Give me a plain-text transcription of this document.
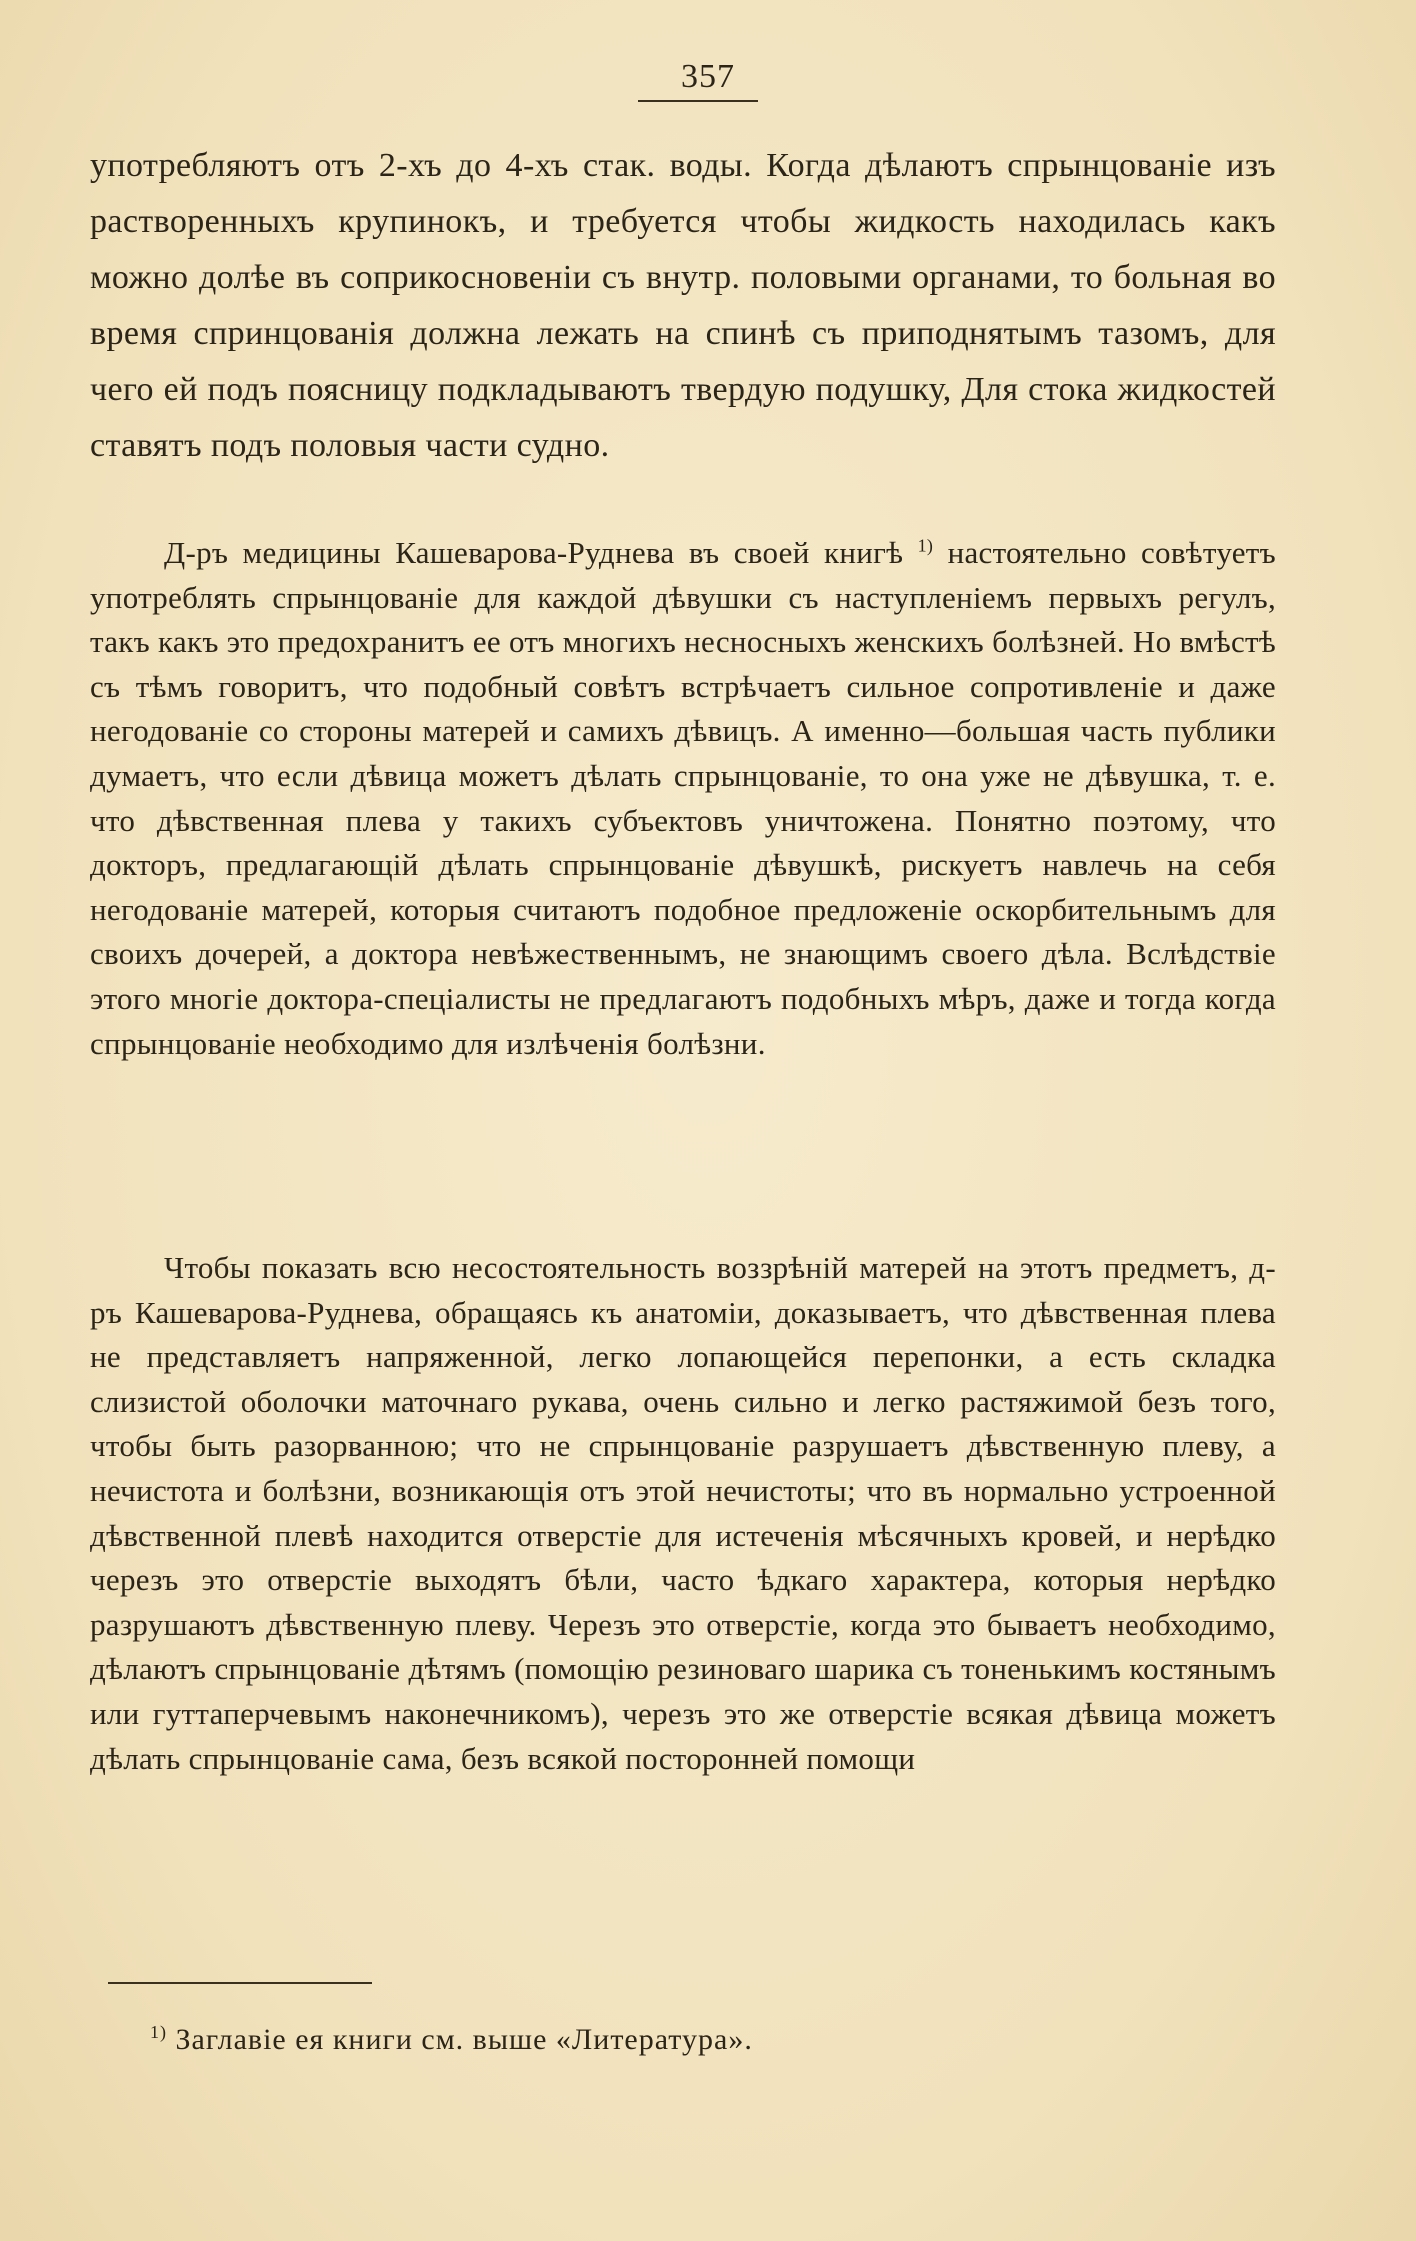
357

употребляютъ отъ 2-хъ до 4-хъ стак. воды. Когда дѣлаютъ спрынцованіе изъ растворенныхъ крупинокъ, и требуется чтобы жидкость находилась какъ можно долѣе въ соприкосновеніи съ внутр. половыми органами, то больная во время спринцованія должна лежать на спинѣ съ приподнятымъ тазомъ, для чего ей подъ поясницу подкладываютъ твердую подушку, Для стока жидкостей ставятъ подъ половыя части судно.

Д-ръ медицины Кашеварова-Руднева въ своей книгѣ $^{1)}$ настоятельно совѣтуетъ употреблять спрынцованіе для каждой дѣвушки съ наступленіемъ первыхъ регулъ, такъ какъ это предохранитъ ее отъ многихъ несносныхъ женскихъ болѣзней. Но вмѣстѣ съ тѣмъ говоритъ, что подобный совѣтъ встрѣчаетъ сильное сопротивленіе и даже негодованіе со стороны матерей и самихъ дѣвицъ. А именно—большая часть публики думаетъ, что если дѣвица можетъ дѣлать спрынцованіе, то она уже не дѣвушка, т. е. что дѣвственная плева у такихъ субъектовъ уничтожена. Понятно поэтому, что докторъ, предлагающій дѣлать спрынцованіе дѣвушкѣ, рискуетъ навлечь на себя негодованіе матерей, которыя считаютъ подобное предложеніе оскорбительнымъ для своихъ дочерей, а доктора невѣжественнымъ, не знающимъ своего дѣла. Вслѣдствіе этого многіе доктора-спеціалисты не предлагаютъ подобныхъ мѣръ, даже и тогда когда спрынцованіе необходимо для излѣченія болѣзни.

Чтобы показать всю несостоятельность воззрѣній матерей на этотъ предметъ, д-ръ Кашеварова-Руднева, обращаясь къ анатоміи, доказываетъ, что дѣвственная плева не представляетъ напряженной, легко лопающейся перепонки, а есть складка слизистой оболочки маточнаго рукава, очень сильно и легко растяжимой безъ того, чтобы быть разорванною; что не спрынцованіе разрушаетъ дѣвственную плеву, а нечистота и болѣзни, возникающія отъ этой нечистоты; что въ нормально устроенной дѣвственной плевѣ находится отверстіе для истеченія мѣсячныхъ кровей, и нерѣдко черезъ это отверстіе выходятъ бѣли, часто ѣдкаго характера, которыя нерѣдко разрушаютъ дѣвственную плеву. Черезъ это отверстіе, когда это бываетъ необходимо, дѣлаютъ спрынцованіе дѣтямъ (помощію резиноваго шарика съ тоненькимъ костянымъ или гуттаперчевымъ наконечникомъ), черезъ это же отверстіе всякая дѣвица можетъ дѣлать спрынцованіе сама, безъ всякой посторонней помощи

$^{1)}$ Заглавіе ея книги см. выше «Литература».
